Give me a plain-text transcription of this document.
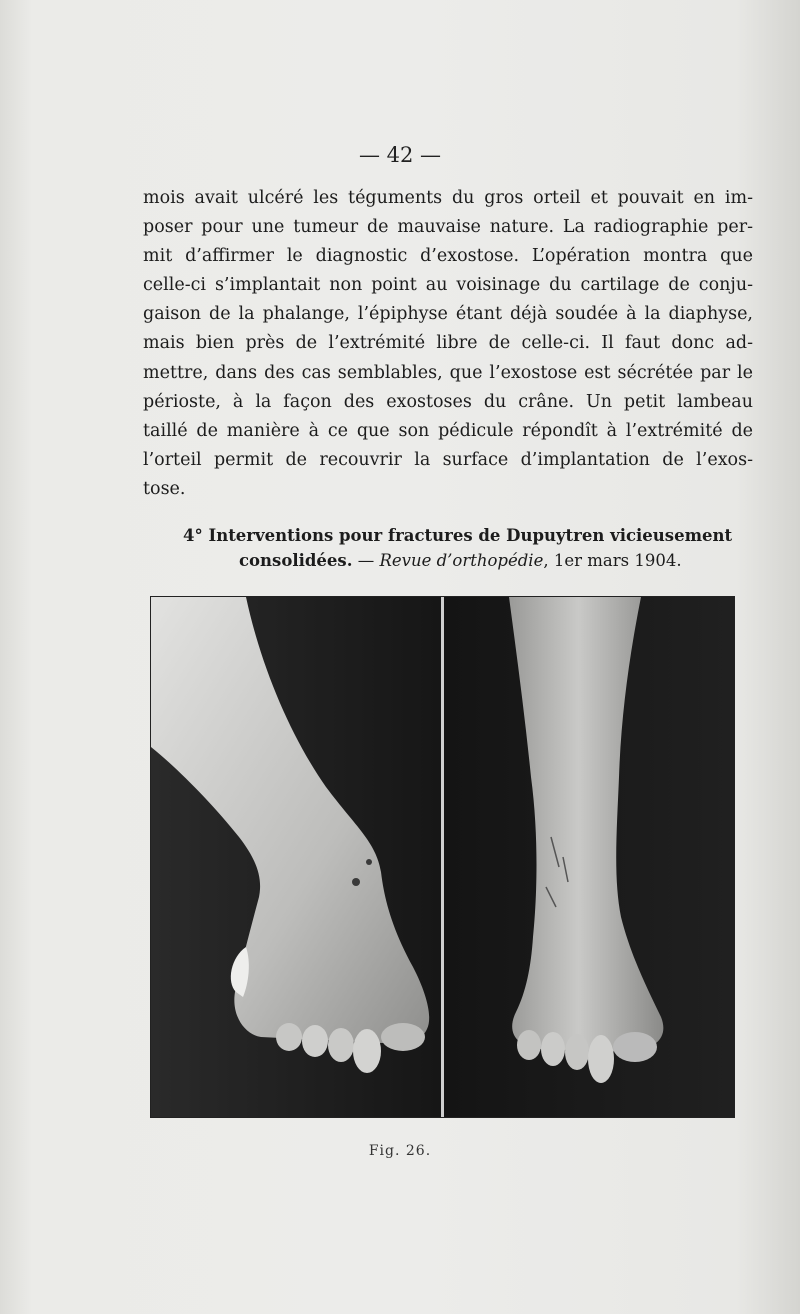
— 42 —
mois avait ulcéré les téguments du gros orteil et pouvait en im-
poser pour une tumeur de mauvaise nature. La radiographie per-
mit d’affirmer le diagnostic d’exostose. L’opération montra que
celle-ci s’implantait non point au voisinage du cartilage de conju-
gaison de la phalange, l’épiphyse étant déjà soudée à la diaphyse,
mais bien près de l’extrémité libre de celle-ci. Il faut donc ad-
mettre, dans des cas semblables, que l’exostose est sécrétée par le
périoste, à la façon des exostoses du crâne. Un petit lambeau
taillé de manière à ce que son pédicule répondît à l’extrémité de
l’orteil permit de recouvrir la surface d’implantation de l’exos-
tose.
4° Interventions pour fractures de Dupuytren vicieusement
consolidées. — Revue d’orthopédie, 1er mars 1904.
Fig. 26.
